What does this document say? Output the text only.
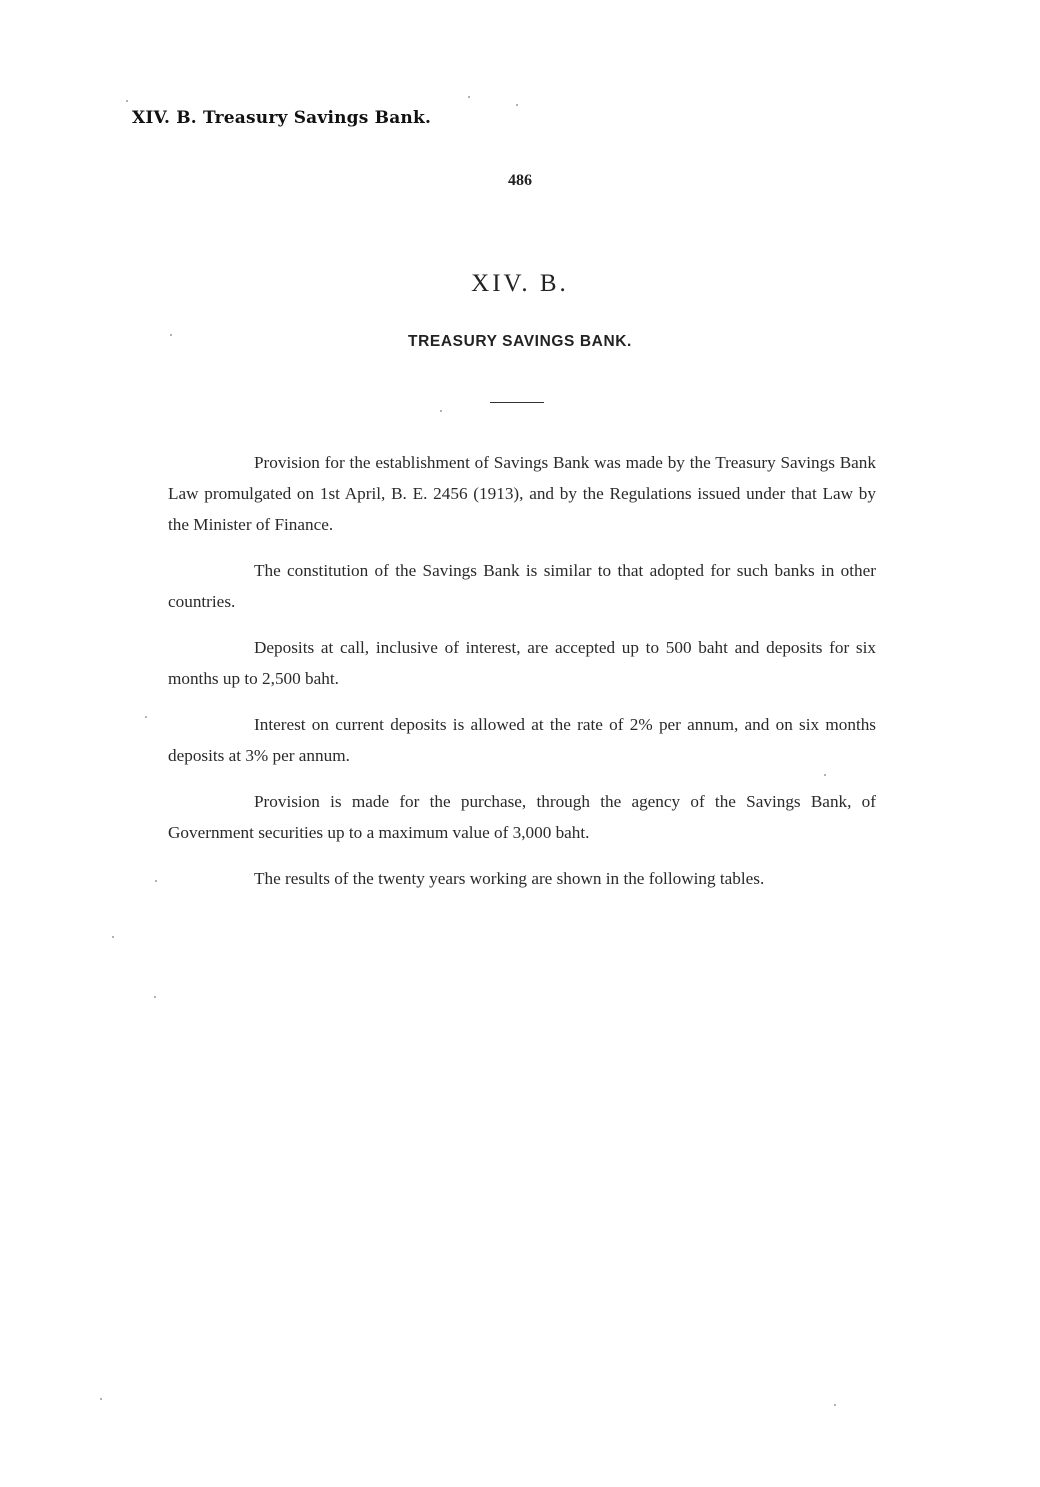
XIV. B. Treasury Savings Bank.
486
XIV. B.
TREASURY SAVINGS BANK.

Provision for the establishment of Savings Bank was made by the Treasury Savings Bank Law promulgated on 1st April, B. E. 2456 (1913), and by the Regulations issued under that Law by the Minister of Finance.

The constitution of the Savings Bank is similar to that adopted for such banks in other countries.

Deposits at call, inclusive of interest, are accepted up to 500 baht and deposits for six months up to 2,500 baht.

Interest on current deposits is allowed at the rate of 2% per annum, and on six months deposits at 3% per annum.

Provision is made for the purchase, through the agency of the Savings Bank, of Government securities up to a maximum value of 3,000 baht.

The results of the twenty years working are shown in the following tables.
